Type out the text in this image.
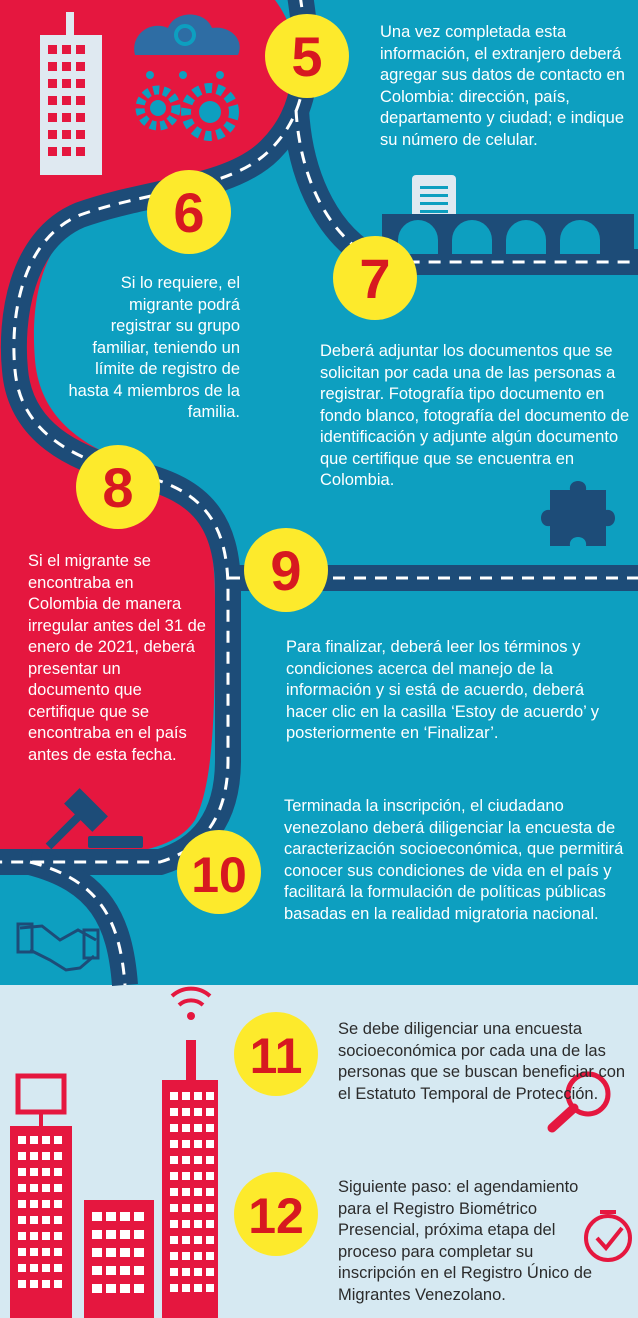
5
6
7
8
9
10
11
12

Una vez completada esta información, el extranjero deberá agregar sus datos de contacto en Colombia: dirección, país, departamento y ciudad; e indique su número de celular.

Si lo requiere, el migrante podrá registrar su grupo familiar, teniendo un límite de registro de hasta 4 miembros de la familia.

Deberá adjuntar los documentos que se solicitan por cada una de las personas a registrar. Fotografía tipo documento en fondo blanco, fotografía del documento de identificación y adjunte algún documento que certifique que se encuentra en Colombia.

Si el migrante se encontraba en Colombia de manera irregular antes del 31 de enero de 2021, deberá presentar un documento que certifique que se encontraba en el país antes de esta fecha.

Para finalizar, deberá leer los términos y condiciones acerca del manejo de la información y si está de acuerdo, deberá hacer clic en la casilla ‘Estoy de acuerdo’ y posteriormente en ‘Finalizar’.

Terminada la inscripción, el ciudadano venezolano deberá diligenciar la encuesta de caracterización socioeconómica, que permitirá conocer sus condiciones de vida en el país y facilitará la formulación de políticas públicas basadas en la realidad migratoria nacional.

Se debe diligenciar una encuesta socioeconómica por cada una de las personas que se buscan beneficiar con el Estatuto Temporal de Protección.

Siguiente paso: el agendamiento para el Registro Biométrico Presencial, próxima etapa del proceso para completar su inscripción en el Registro Único de Migrantes Venezolano.
